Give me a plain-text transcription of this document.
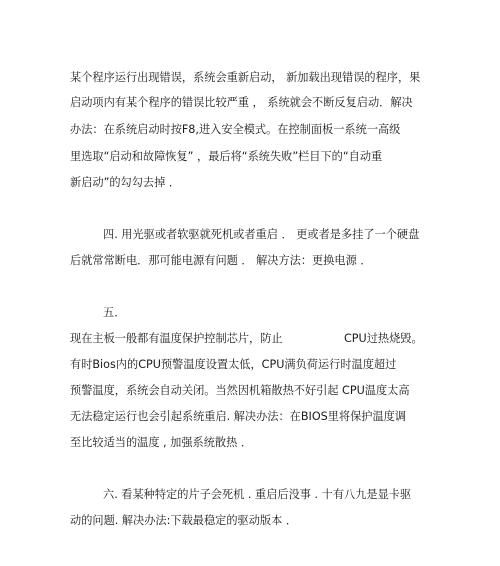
某个程序运行出现错误，系统会重新启动， 新加载出现错误的程序，果
启动项内有某个程序的错误比较严重 ， 系统就会不断反复启动．解决
办法：在系统启动时按F8,进入安全模式。在控制面板一系统一高级
里选取“启动和故障恢复” ，最后将“系统失败”栏目下的“自动重
新启动”的勾勾去掉 ．
四. 用光驱或者软驱就死机或者重启 ． 更或者是多挂了一个硬盘
后就常常断电．那可能电源有问题 ． 解决方法：更换电源 ．
五．
现在主板一般都有温度保护控制芯片，防止	CPU过热烧毁。
有时Bios内的CPU预警温度设置太低，CPU满负荷运行时温度超过
预警温度，系统会自动关闭。当然因机箱散热不好引起 CPU温度太高
无法稳定运行也会引起系统重启. 解决办法：在BIOS里将保护温度调
至比较适当的温度 , 加强系统散热 ．
六. 看某种特定的片子会死机 . 重启后没事 . 十有八九是显卡驱
动的问题. 解决办法:下载最稳定的驱动版本 ．
